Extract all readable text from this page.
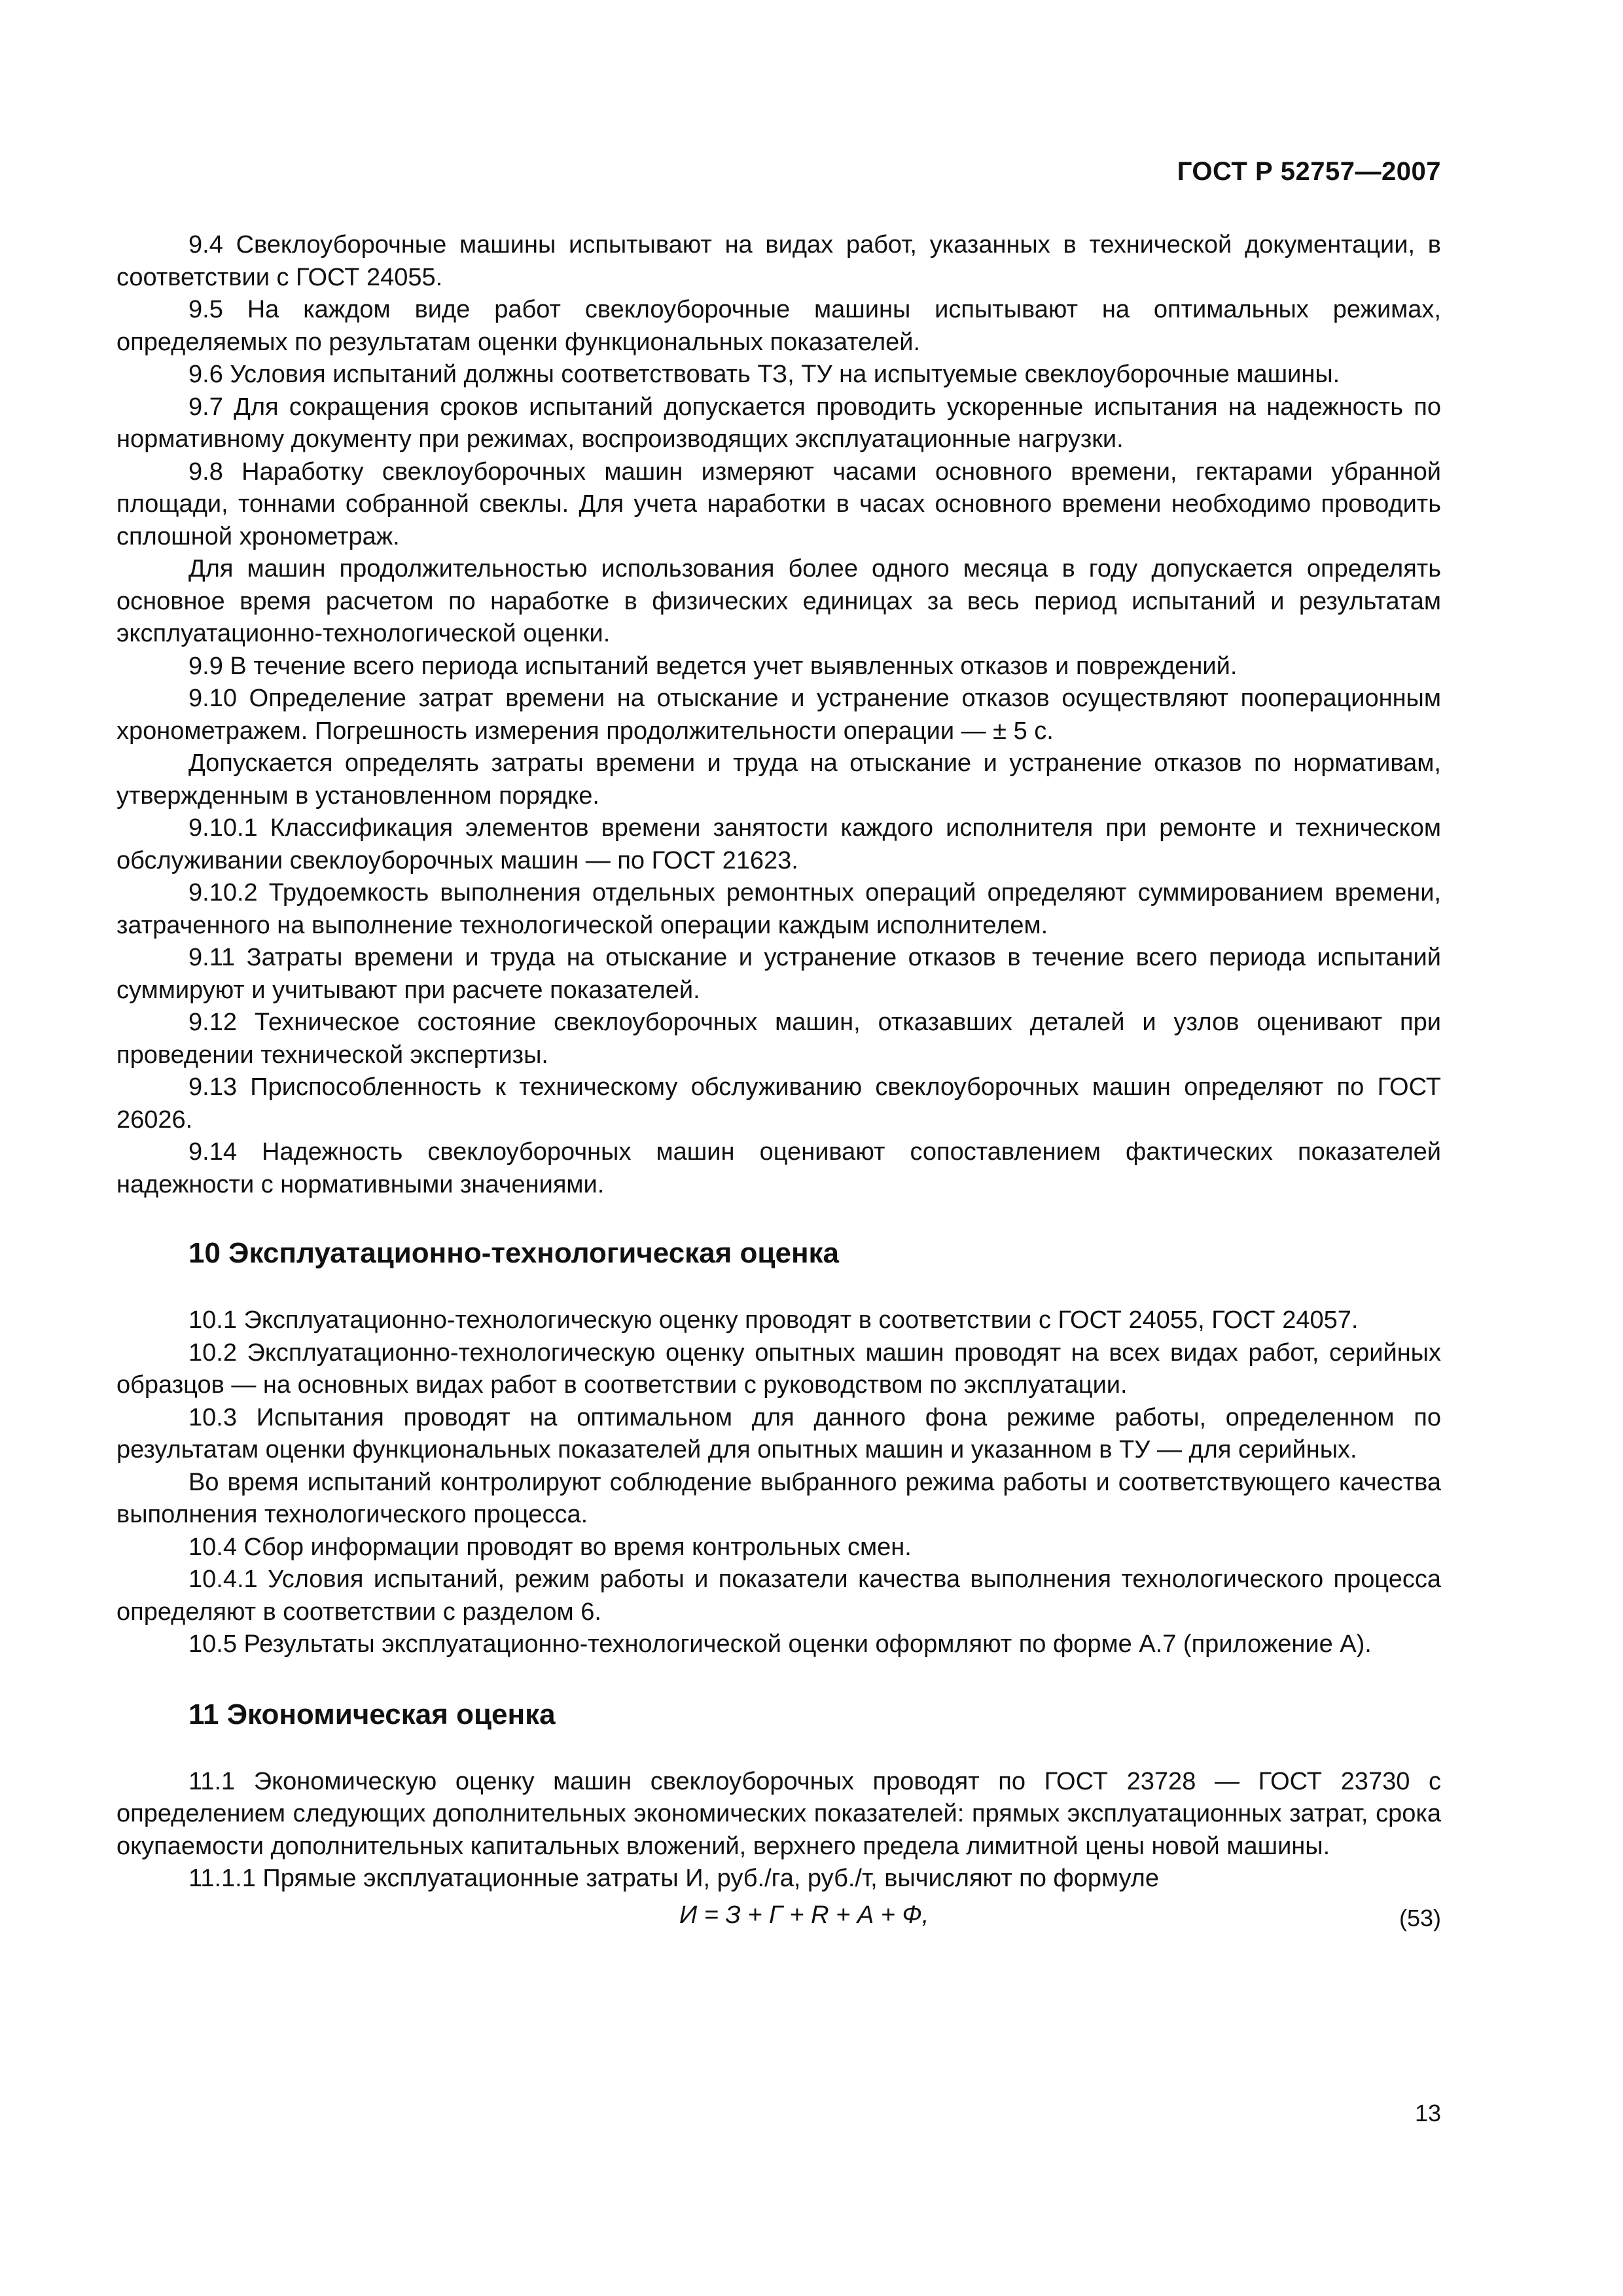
ГОСТ Р 52757—2007

9.4 Свеклоуборочные машины испытывают на видах работ, указанных в технической документации, в соответствии с ГОСТ 24055.

9.5 На каждом виде работ свеклоуборочные машины испытывают на оптимальных режимах, определяемых по результатам оценки функциональных показателей.

9.6 Условия испытаний должны соответствовать ТЗ, ТУ на испытуемые свеклоуборочные машины.

9.7 Для сокращения сроков испытаний допускается проводить ускоренные испытания на надежность по нормативному документу при режимах, воспроизводящих эксплуатационные нагрузки.

9.8 Наработку свеклоуборочных машин измеряют часами основного времени, гектарами убранной площади, тоннами собранной свеклы. Для учета наработки в часах основного времени необходимо проводить сплошной хронометраж.

Для машин продолжительностью использования более одного месяца в году допускается определять основное время расчетом по наработке в физических единицах за весь период испытаний и результатам эксплуатационно-технологической оценки.

9.9 В течение всего периода испытаний ведется учет выявленных отказов и повреждений.

9.10 Определение затрат времени на отыскание и устранение отказов осуществляют пооперационным хронометражем. Погрешность измерения продолжительности операции — ± 5 с.

Допускается определять затраты времени и труда на отыскание и устранение отказов по нормативам, утвержденным в установленном порядке.

9.10.1 Классификация элементов времени занятости каждого исполнителя при ремонте и техническом обслуживании свеклоуборочных машин — по ГОСТ 21623.

9.10.2 Трудоемкость выполнения отдельных ремонтных операций определяют суммированием времени, затраченного на выполнение технологической операции каждым исполнителем.

9.11 Затраты времени и труда на отыскание и устранение отказов в течение всего периода испытаний суммируют и учитывают при расчете показателей.

9.12 Техническое состояние свеклоуборочных машин, отказавших деталей и узлов оценивают при проведении технической экспертизы.

9.13 Приспособленность к техническому обслуживанию свеклоуборочных машин определяют по ГОСТ 26026.

9.14 Надежность свеклоуборочных машин оценивают сопоставлением фактических показателей надежности с нормативными значениями.

10 Эксплуатационно-технологическая оценка

10.1 Эксплуатационно-технологическую оценку проводят в соответствии с ГОСТ 24055, ГОСТ 24057.

10.2 Эксплуатационно-технологическую оценку опытных машин проводят на всех видах работ, серийных образцов — на основных видах работ в соответствии с руководством по эксплуатации.

10.3 Испытания проводят на оптимальном для данного фона режиме работы, определенном по результатам оценки функциональных показателей для опытных машин и указанном в ТУ — для серийных.

Во время испытаний контролируют соблюдение выбранного режима работы и соответствующего качества выполнения технологического процесса.

10.4 Сбор информации проводят во время контрольных смен.

10.4.1 Условия испытаний, режим работы и показатели качества выполнения технологического процесса определяют в соответствии с разделом 6.

10.5 Результаты эксплуатационно-технологической оценки оформляют по форме А.7 (приложение А).

11 Экономическая оценка

11.1 Экономическую оценку машин свеклоуборочных проводят по ГОСТ 23728 — ГОСТ 23730 с определением следующих дополнительных экономических показателей: прямых эксплуатационных затрат, срока окупаемости дополнительных капитальных вложений, верхнего предела лимитной цены новой машины.

11.1.1 Прямые эксплуатационные затраты И, руб./га, руб./т, вычисляют по формуле

И = З + Г + R + А + Ф,	(53)
13
